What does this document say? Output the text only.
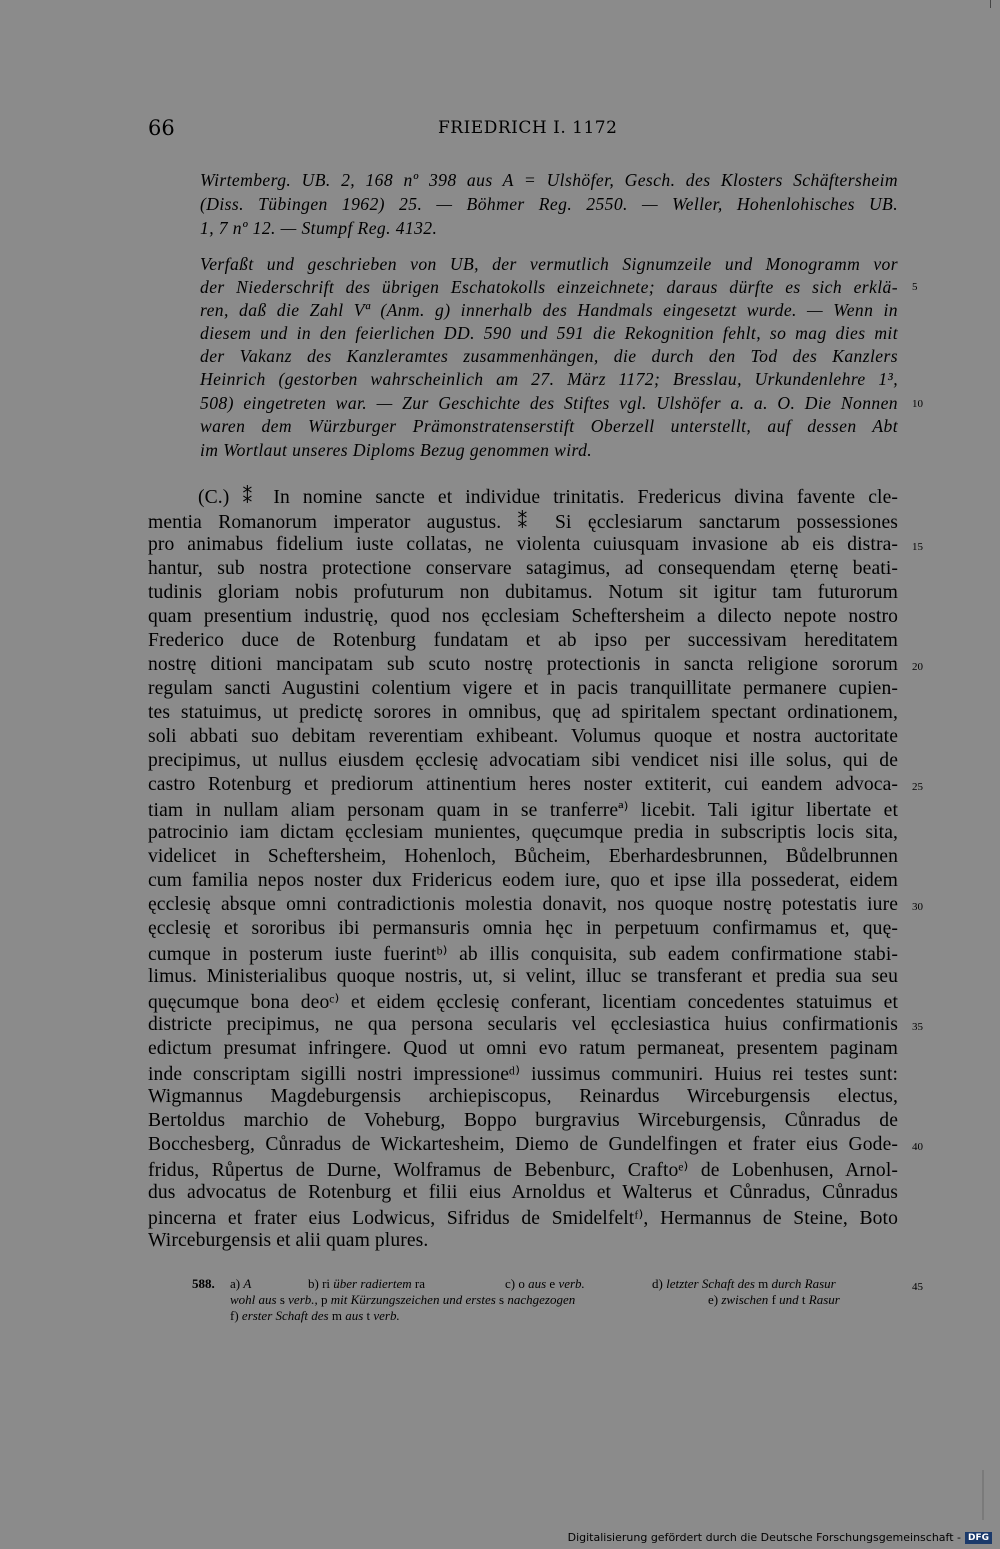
66	FRIEDRICH I. 1172
Wirtemberg. UB. 2, 168 nº 398 aus A = Ulshöfer, Gesch. des Klosters Schäftersheim
(Diss. Tübingen 1962) 25. — Böhmer Reg. 2550. — Weller, Hohenlohisches UB.
1, 7 nº 12. — Stumpf Reg. 4132.
Verfaßt und geschrieben von UB, der vermutlich Signumzeile und Monogramm vor
der Niederschrift des übrigen Eschatokolls einzeichnete; daraus dürfte es sich erklä-
ren, daß die Zahl Vª (Anm. g) innerhalb des Handmals eingesetzt wurde. — Wenn in
diesem und in den feierlichen DD. 590 und 591 die Rekognition fehlt, so mag dies mit
der Vakanz des Kanzleramtes zusammenhängen, die durch den Tod des Kanzlers
Heinrich (gestorben wahrscheinlich am 27. März 1172; Bresslau, Urkundenlehre 1³,
508) eingetreten war. — Zur Geschichte des Stiftes vgl. Ulshöfer a. a. O. Die Nonnen
waren dem Würzburger Prämonstratenserstift Oberzell unterstellt, auf dessen Abt
im Wortlaut unseres Diploms Bezug genommen wird.
(C.) ⁑ In nomine sancte et individue trinitatis. Fredericus divina favente cle-
mentia Romanorum imperator augustus. ⁑ Si ęcclesiarum sanctarum possessiones
pro animabus fidelium iuste collatas, ne violenta cuiusquam invasione ab eis distra-
hantur, sub nostra protectione conservare satagimus, ad consequendam ęternę beati-
tudinis gloriam nobis profuturum non dubitamus. Notum sit igitur tam futurorum
quam presentium industrię, quod nos ęcclesiam Scheftersheim a dilecto nepote nostro
Frederico duce de Rotenburg fundatam et ab ipso per successivam hereditatem
nostrę ditioni mancipatam sub scuto nostrę protectionis in sancta religione sororum
regulam sancti Augustini colentium vigere et in pacis tranquillitate permanere cupien-
tes statuimus, ut predictę sorores in omnibus, quę ad spiritalem spectant ordinationem,
soli abbati suo debitam reverentiam exhibeant. Volumus quoque et nostra auctoritate
precipimus, ut nullus eiusdem ęcclesię advocatiam sibi vendicet nisi ille solus, qui de
castro Rotenburg et prediorum attinentium heres noster extiterit, cui eandem advoca-
tiam in nullam aliam personam quam in se tranferreª⁾ licebit. Tali igitur libertate et
patrocinio iam dictam ęcclesiam munientes, quęcumque predia in subscriptis locis sita,
videlicet in Scheftersheim, Hohenloch, Bůcheim, Eberhardesbrunnen, Bůdelbrunnen
cum familia nepos noster dux Fridericus eodem iure, quo et ipse illa possederat, eidem
ęcclesię absque omni contradictionis molestia donavit, nos quoque nostrę potestatis iure
ęcclesię et sororibus ibi permansuris omnia hęc in perpetuum confirmamus et, quę-
cumque in posterum iuste fuerintᵇ⁾ ab illis conquisita, sub eadem confirmatione stabi-
limus. Ministerialibus quoque nostris, ut, si velint, illuc se transferant et predia sua seu
quęcumque bona deoᶜ⁾ et eidem ęcclesię conferant, licentiam concedentes statuimus et
districte precipimus, ne qua persona secularis vel ęcclesiastica huius confirmationis
edictum presumat infringere. Quod ut omni evo ratum permaneat, presentem paginam
inde conscriptam sigilli nostri impressioneᵈ⁾ iussimus communiri. Huius rei testes sunt:
Wigmannus Magdeburgensis archiepiscopus, Reinardus Wirceburgensis electus,
Bertoldus marchio de Voheburg, Boppo burgravius Wirceburgensis, Cůnradus de
Bocchesberg, Cůnradus de Wickartesheim, Diemo de Gundelfingen et frater eius Gode-
fridus, Růpertus de Durne, Wolframus de Bebenburc, Craftoᵉ⁾ de Lobenhusen, Arnol-
dus advocatus de Rotenburg et filii eius Arnoldus et Walterus et Cůnradus, Cůnradus
pincerna et frater eius Lodwicus, Sifridus de Smidelfeltᶠ⁾, Hermannus de Steine, Boto
Wirceburgensis et alii quam plures.
5
10
15
20
25
30
35
40
45
588. a) A	b) ri über radiertem ra	c) o aus e verb.	d) letzter Schaft des m durch Rasur
wohl aus s verb., p mit Kürzungszeichen und erstes s nachgezogen	e) zwischen f und t Rasur
f) erster Schaft des m aus t verb.
Digitalisierung gefördert durch die Deutsche Forschungsgemeinschaft - DFG
